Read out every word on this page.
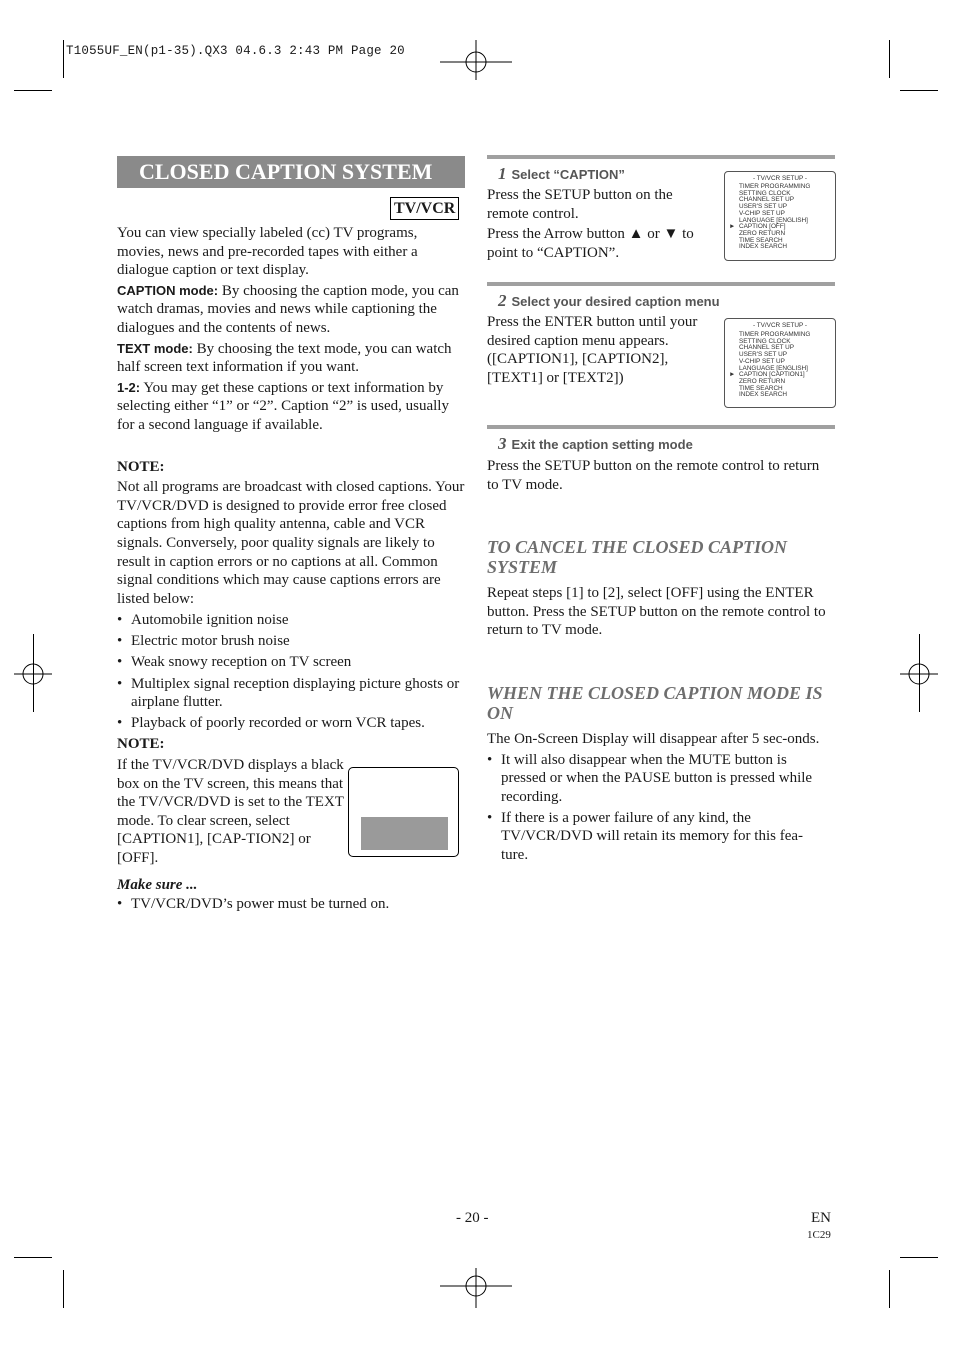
T1055UF_EN(p1-35).QX3 04.6.3 2:43 PM Page 20
CLOSED CAPTION SYSTEM
TV/VCR

You can view specially labeled (cc) TV programs, movies, news and pre-recorded tapes with either a dialogue caption or text display.

CAPTION mode: By choosing the caption mode, you can watch dramas, movies and news while captioning the dialogues and the contents of news.

TEXT mode: By choosing the text mode, you can watch half screen text information if you want.

1-2: You may get these captions or text information by selecting either “1” or “2”. Caption “2” is used, usually for a second language if available.

NOTE:

Not all programs are broadcast with closed captions. Your TV/VCR/DVD is designed to provide error free closed captions from high quality antenna, cable and VCR signals. Conversely, poor quality signals are likely to result in caption errors or no captions at all. Common signal conditions which may cause captions errors are listed below:

• Automobile ignition noise
• Electric motor brush noise
• Weak snowy reception on TV screen
• Multiplex signal reception displaying picture ghosts or airplane flutter.
• Playback of poorly recorded or worn VCR tapes.

NOTE:

If the TV/VCR/DVD displays a black box on the TV screen, this means that the TV/VCR/DVD is set to the TEXT mode. To clear screen, select [CAPTION1], [CAP-TION2] or [OFF].

Make sure ...

• TV/VCR/DVD’s power must be turned on.
1 Select “CAPTION”

Press the SETUP button on the remote control.

Press the Arrow button ▲ or ▼ to point to “CAPTION”.

- TV/VCR SETUP -
TIMER PROGRAMMING
SETTING CLOCK
CHANNEL SET UP
USER'S SET UP
V-CHIP SET UP
LANGUAGE [ENGLISH]
CAPTION [OFF]
ZERO RETURN
TIME SEARCH
INDEX SEARCH
►
2 Select your desired caption menu

Press the ENTER button until your desired caption menu appears. ([CAPTION1], [CAPTION2], [TEXT1] or [TEXT2])

- TV/VCR SETUP -
TIMER PROGRAMMING
SETTING CLOCK
CHANNEL SET UP
USER'S SET UP
V-CHIP SET UP
LANGUAGE [ENGLISH]
CAPTION [CAPTION1]
ZERO RETURN
TIME SEARCH
INDEX SEARCH
►
3 Exit the caption setting mode

Press the SETUP button on the remote control to return to TV mode.

TO CANCEL THE CLOSED CAPTION SYSTEM

Repeat steps [1] to [2], select [OFF] using the ENTER button. Press the SETUP button on the remote control to return to TV mode.

WHEN THE CLOSED CAPTION MODE IS ON

The On-Screen Display will disappear after 5 sec-onds.

• It will also disappear when the MUTE button is pressed or when the PAUSE button is pressed while recording.
• If there is a power failure of any kind, the TV/VCR/DVD will retain its memory for this fea-ture.
- 20 -	EN
1C29
